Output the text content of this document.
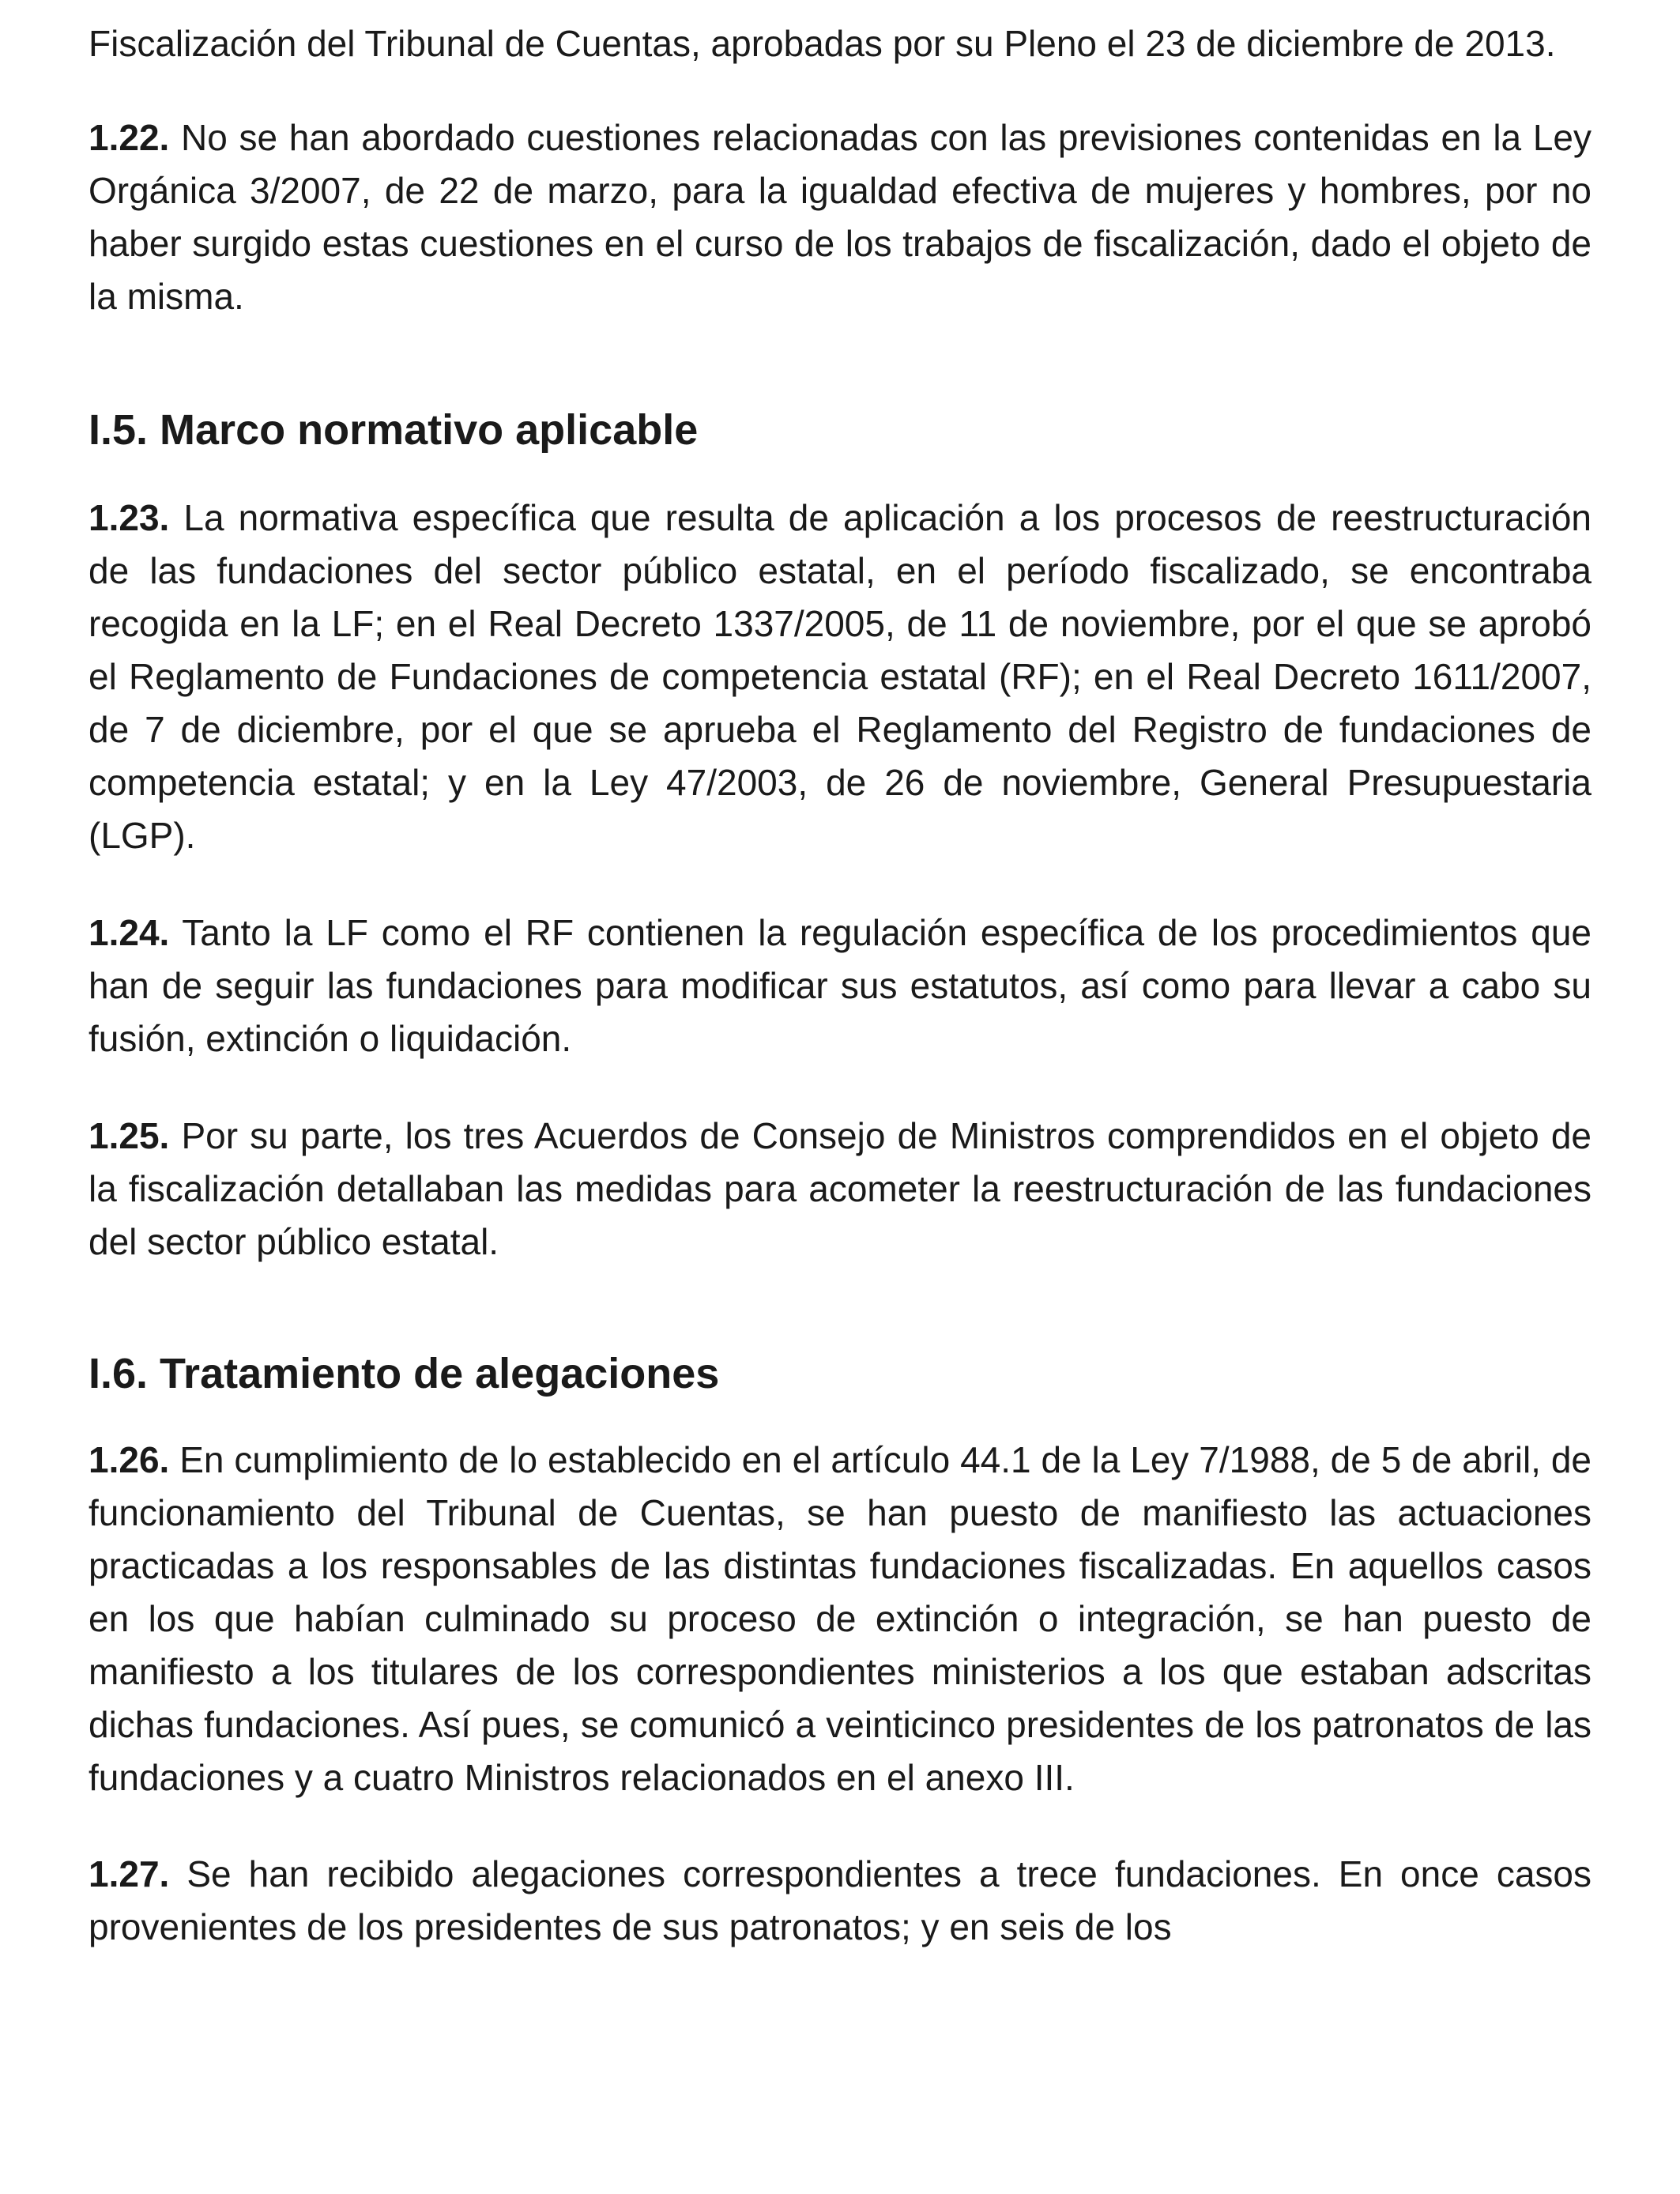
Fiscalización del Tribunal de Cuentas, aprobadas por su Pleno el 23 de diciembre de 2013.

1.22. No se han abordado cuestiones relacionadas con las previsiones contenidas en la Ley Orgánica 3/2007, de 22 de marzo, para la igualdad efectiva de mujeres y hombres, por no haber surgido estas cuestiones en el curso de los trabajos de fiscalización, dado el objeto de la misma.

I.5. Marco normativo aplicable

1.23. La normativa específica que resulta de aplicación a los procesos de reestructuración de las fundaciones del sector público estatal, en el período fiscalizado, se encontraba recogida en la LF; en el Real Decreto 1337/2005, de 11 de noviembre, por el que se aprobó el Reglamento de Fundaciones de competencia estatal (RF); en el Real Decreto 1611/2007, de 7 de diciembre, por el que se aprueba el Reglamento del Registro de fundaciones de competencia estatal; y en la Ley 47/2003, de 26 de noviembre, General Presupuestaria (LGP).

1.24. Tanto la LF como el RF contienen la regulación específica de los procedimientos que han de seguir las fundaciones para modificar sus estatutos, así como para llevar a cabo su fusión, extinción o liquidación.

1.25. Por su parte, los tres Acuerdos de Consejo de Ministros comprendidos en el objeto de la fiscalización detallaban las medidas para acometer la reestructuración de las fundaciones del sector público estatal.

I.6. Tratamiento de alegaciones

1.26. En cumplimiento de lo establecido en el artículo 44.1 de la Ley 7/1988, de 5 de abril, de funcionamiento del Tribunal de Cuentas, se han puesto de manifiesto las actuaciones practicadas a los responsables de las distintas fundaciones fiscalizadas. En aquellos casos en los que habían culminado su proceso de extinción o integración, se han puesto de manifiesto a los titulares de los correspondientes ministerios a los que estaban adscritas dichas fundaciones. Así pues, se comunicó a veinticinco presidentes de los patronatos de las fundaciones y a cuatro Ministros relacionados en el anexo III.

1.27. Se han recibido alegaciones correspondientes a trece fundaciones. En once casos provenientes de los presidentes de sus patronatos; y en seis de los
